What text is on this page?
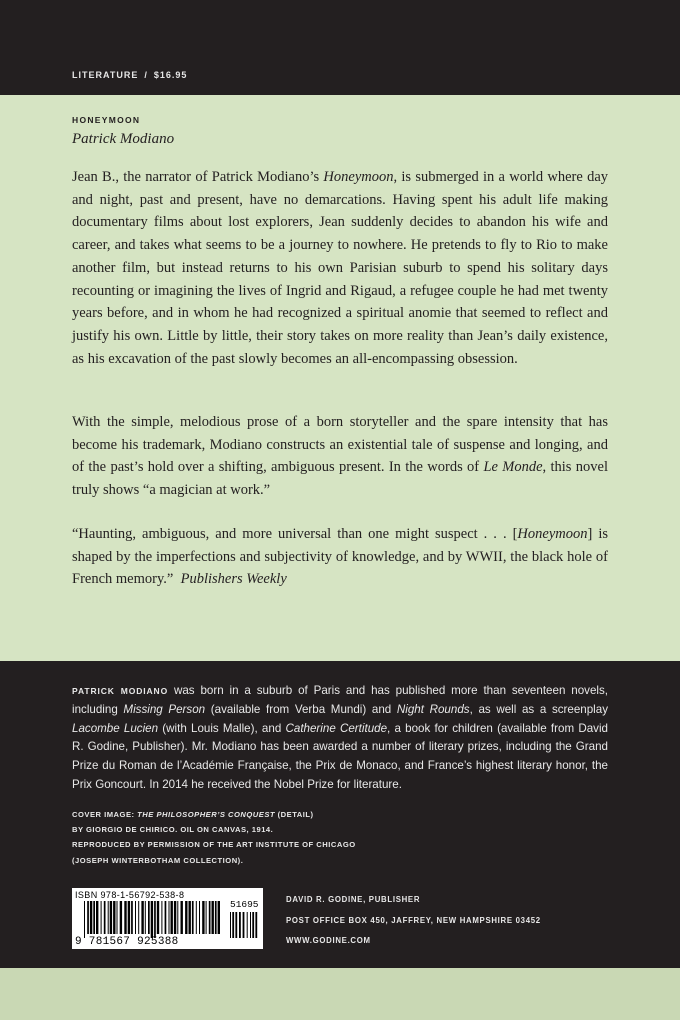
LITERATURE / $16.95
HONEYMOON
Patrick Modiano

Jean B., the narrator of Patrick Modiano’s Honeymoon, is submerged in a world where day and night, past and present, have no demarcations. Having spent his adult life making documentary films about lost explorers, Jean suddenly decides to abandon his wife and career, and takes what seems to be a journey to nowhere. He pretends to fly to Rio to make another film, but instead returns to his own Parisian suburb to spend his solitary days recounting or imagining the lives of Ingrid and Rigaud, a refugee couple he had met twenty years before, and in whom he had recognized a spiritual anomie that seemed to reflect and justify his own. Little by little, their story takes on more reality than Jean’s daily existence, as his excavation of the past slowly becomes an all-encompassing obsession.

With the simple, melodious prose of a born storyteller and the spare intensity that has become his trademark, Modiano constructs an existential tale of suspense and longing, and of the past’s hold over a shifting, ambiguous present. In the words of Le Monde, this novel truly shows “a magician at work.”

“Haunting, ambiguous, and more universal than one might suspect . . . [Honeymoon] is shaped by the imperfections and subjectivity of knowledge, and by WWII, the black hole of French memory.” Publishers Weekly

PATRICK MODIANO was born in a suburb of Paris and has published more than seventeen novels, including Missing Person (available from Verba Mundi) and Night Rounds, as well as a screenplay Lacombe Lucien (with Louis Malle), and Catherine Certitude, a book for children (available from David R. Godine, Publisher). Mr. Modiano has been awarded a number of literary prizes, including the Grand Prize du Roman de l’Académie Française, the Prix de Monaco, and France’s highest literary honor, the Prix Goncourt. In 2014 he received the Nobel Prize for literature.

COVER IMAGE: THE PHILOSOPHER’S CONQUEST (DETAIL)
BY GIORGIO DE CHIRICO. OIL ON CANVAS, 1914.
REPRODUCED BY PERMISSION OF THE ART INSTITUTE OF CHICAGO
(JOSEPH WINTERBOTHAM COLLECTION).
ISBN 978-1-56792-538-8
51695
9 781567 925388
DAVID R. GODINE, PUBLISHER
POST OFFICE BOX 450, JAFFREY, NEW HAMPSHIRE 03452
WWW.GODINE.COM
